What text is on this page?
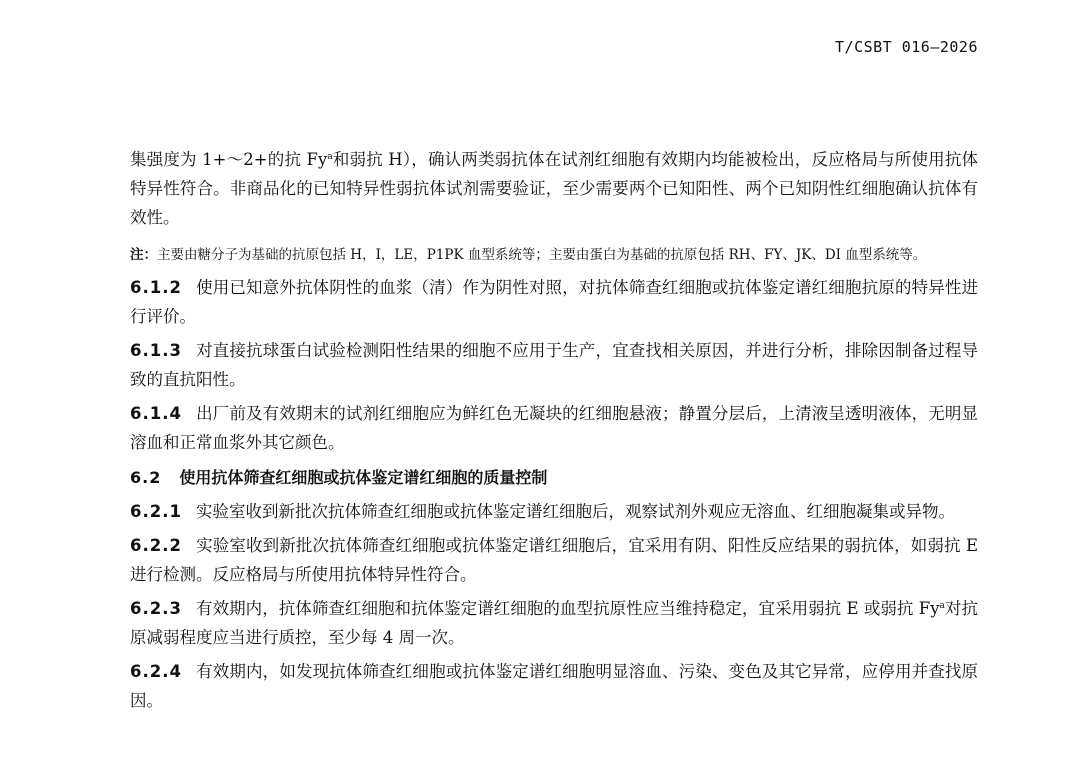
T/CSBT 016—2026

集强度为 1+～2+的抗 Fy$^a$和弱抗 H），确认两类弱抗体在试剂红细胞有效期内均能被检出，反应格局与所使用抗体特异性符合。非商品化的已知特异性弱抗体试剂需要验证，至少需要两个已知阳性、两个已知阴性红细胞确认抗体有效性。

注：主要由糖分子为基础的抗原包括 H，I，LE，P1PK 血型系统等；主要由蛋白为基础的抗原包括 RH、FY、JK、DI 血型系统等。
6.1.2 使用已知意外抗体阴性的血浆（清）作为阴性对照，对抗体筛查红细胞或抗体鉴定谱红细胞抗原的特异性进行评价。
6.1.3 对直接抗球蛋白试验检测阳性结果的细胞不应用于生产，宜查找相关原因，并进行分析，排除因制备过程导致的直抗阳性。
6.1.4 出厂前及有效期末的试剂红细胞应为鲜红色无凝块的红细胞悬液；静置分层后，上清液呈透明液体，无明显溶血和正常血浆外其它颜色。
6.2 使用抗体筛查红细胞或抗体鉴定谱红细胞的质量控制
6.2.1 实验室收到新批次抗体筛查红细胞或抗体鉴定谱红细胞后，观察试剂外观应无溶血、红细胞凝集或异物。
6.2.2 实验室收到新批次抗体筛查红细胞或抗体鉴定谱红细胞后，宜采用有阴、阳性反应结果的弱抗体，如弱抗 E 进行检测。反应格局与所使用抗体特异性符合。
6.2.3 有效期内，抗体筛查红细胞和抗体鉴定谱红细胞的血型抗原性应当维持稳定，宜采用弱抗 E 或弱抗 Fy$^a$对抗原减弱程度应当进行质控，至少每 4 周一次。
6.2.4 有效期内，如发现抗体筛查红细胞或抗体鉴定谱红细胞明显溶血、污染、变色及其它异常，应停用并查找原因。
